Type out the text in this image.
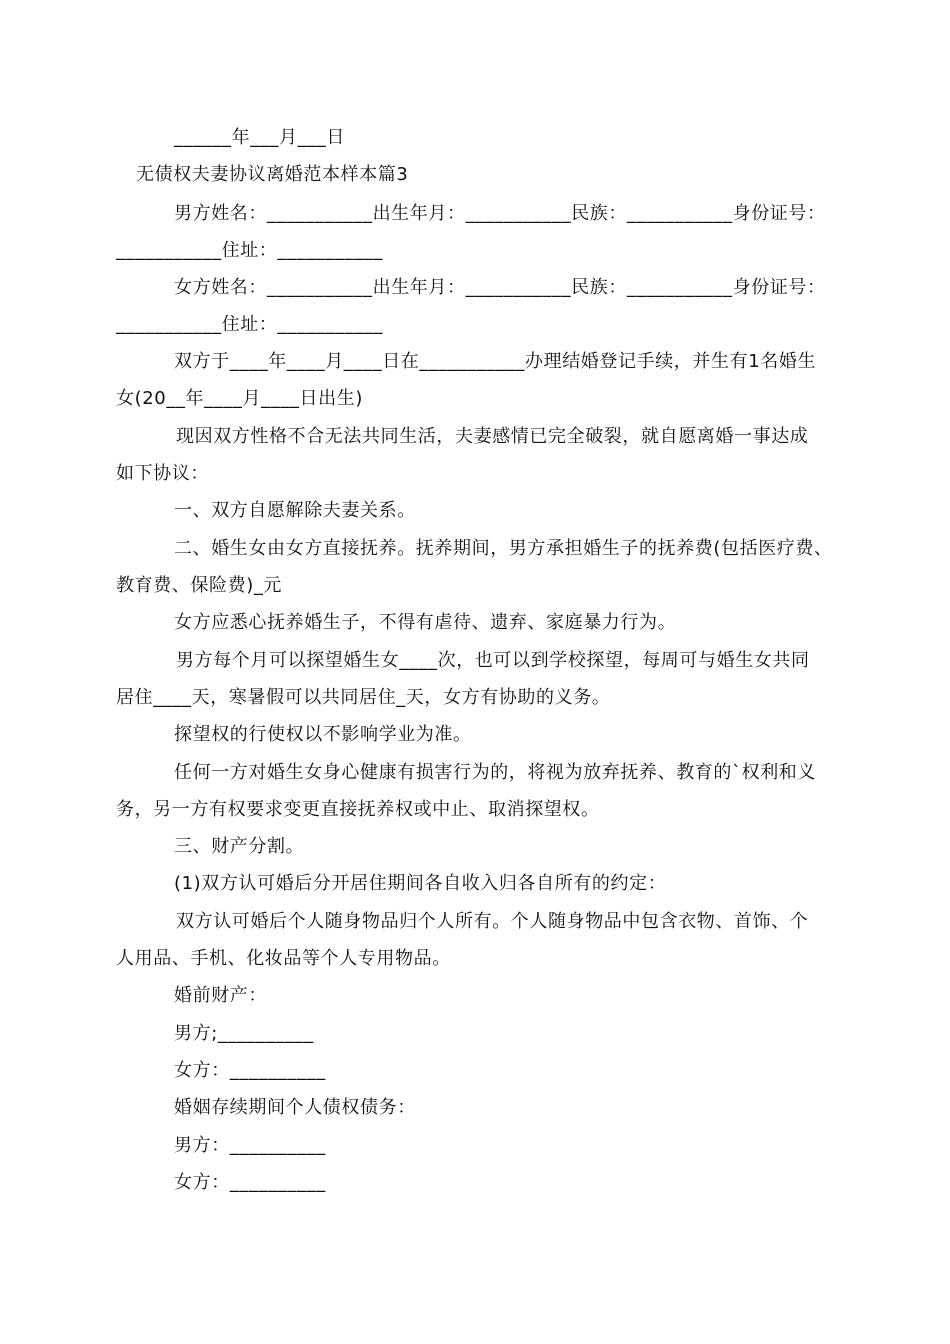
______年___月___日
无债权夫妻协议离婚范本样本篇3
男方姓名：___________出生年月：___________民族：___________身份证号：
___________住址：___________
女方姓名：___________出生年月：___________民族：___________身份证号：
___________住址：___________
双方于____年____月____日在___________办理结婚登记手续，并生有1名婚生
女(20__年____月____日出生)
现因双方性格不合无法共同生活，夫妻感情已完全破裂，就自愿离婚一事达成
如下协议：
一、双方自愿解除夫妻关系。
二、婚生女由女方直接抚养。抚养期间，男方承担婚生子的抚养费(包括医疗费、
教育费、保险费)_元
女方应悉心抚养婚生子，不得有虐待、遗弃、家庭暴力行为。
男方每个月可以探望婚生女____次，也可以到学校探望，每周可与婚生女共同
居住____天，寒暑假可以共同居住_天，女方有协助的义务。
探望权的行使权以不影响学业为准。
任何一方对婚生女身心健康有损害行为的，将视为放弃抚养、教育的`权利和义
务，另一方有权要求变更直接抚养权或中止、取消探望权。
三、财产分割。
(1)双方认可婚后分开居住期间各自收入归各自所有的约定：
双方认可婚后个人随身物品归个人所有。个人随身物品中包含衣物、首饰、个
人用品、手机、化妆品等个人专用物品。
婚前财产：
男方;__________
女方：__________
婚姻存续期间个人债权债务：
男方：__________
女方：__________
